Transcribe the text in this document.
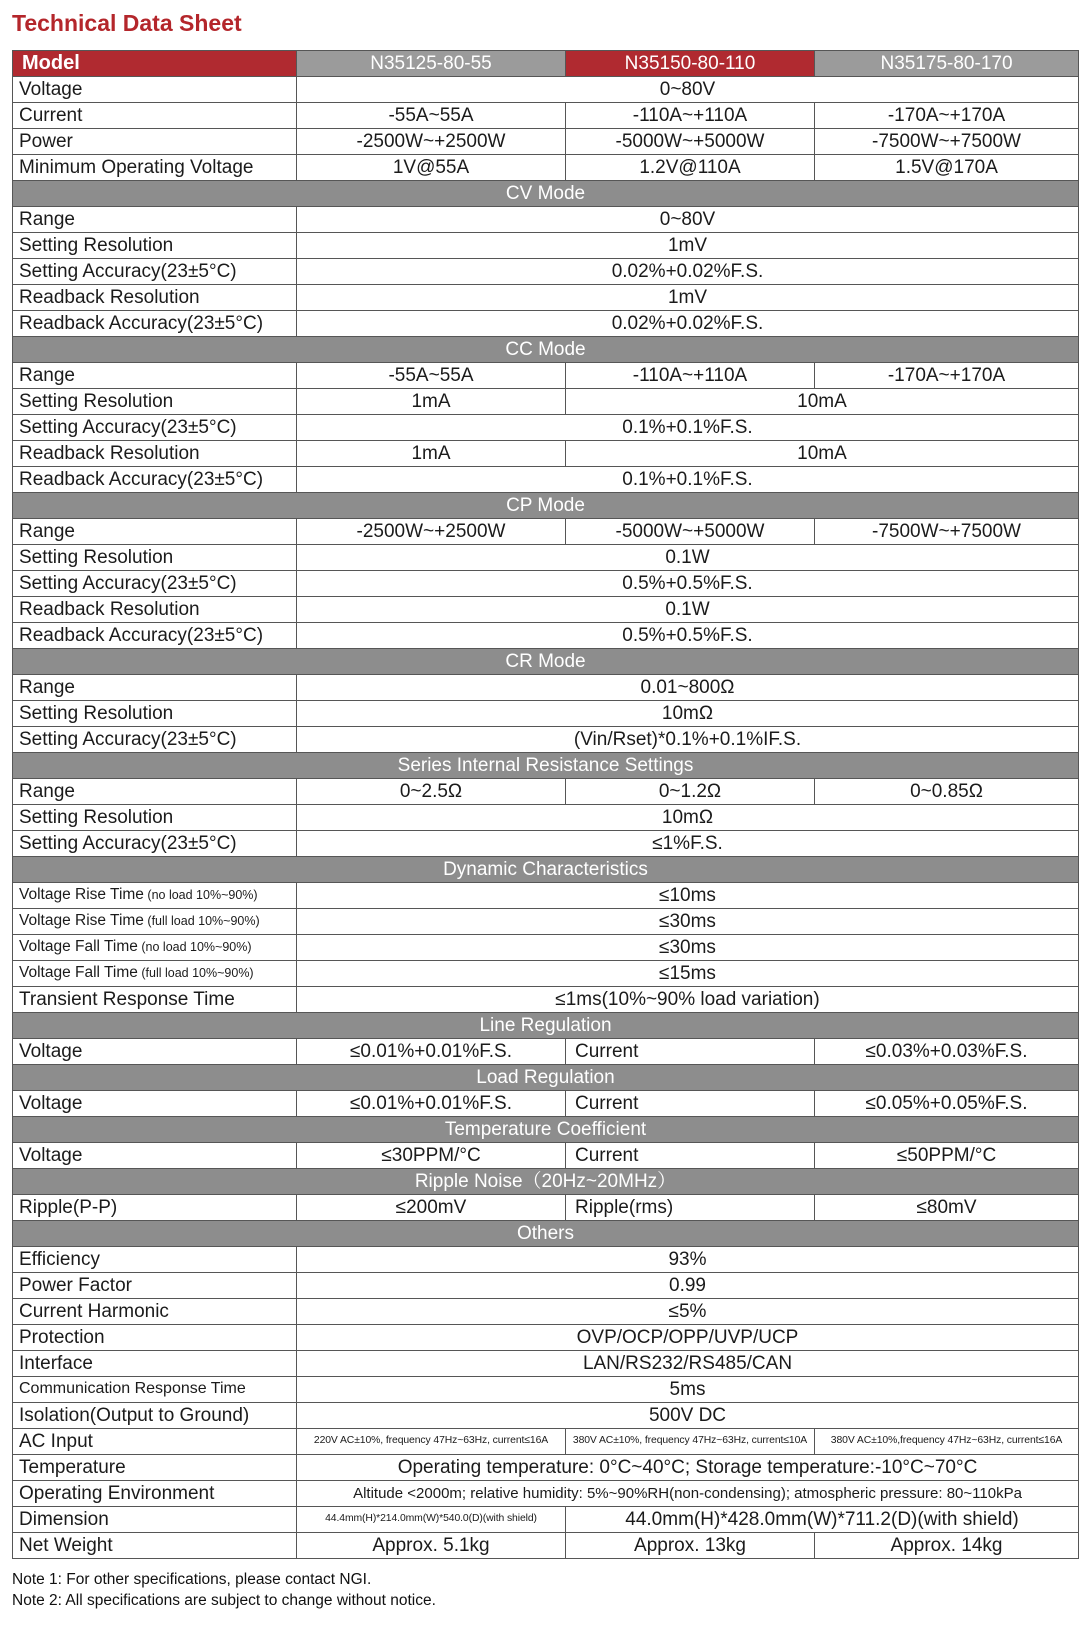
Technical Data Sheet
Model	N35125-80-55	N35150-80-110	N35175-80-170
Voltage	0~80V		
Current	-55A~55A	-110A~+110A	-170A~+170A
Power	-2500W~+2500W	-5000W~+5000W	-7500W~+7500W
Minimum Operating Voltage	1V@55A	1.2V@110A	1.5V@170A
CV Mode			
Range	0~80V		
Setting Resolution	1mV		
Setting Accuracy(23±5°C)	0.02%+0.02%F.S.		
Readback Resolution	1mV		
Readback Accuracy(23±5°C)	0.02%+0.02%F.S.		
CC Mode			
Range	-55A~55A	-110A~+110A	-170A~+170A
Setting Resolution	1mA	10mA	
Setting Accuracy(23±5°C)	0.1%+0.1%F.S.		
Readback Resolution	1mA	10mA	
Readback Accuracy(23±5°C)	0.1%+0.1%F.S.		
CP Mode			
Range	-2500W~+2500W	-5000W~+5000W	-7500W~+7500W
Setting Resolution	0.1W		
Setting Accuracy(23±5°C)	0.5%+0.5%F.S.		
Readback Resolution	0.1W		
Readback Accuracy(23±5°C)	0.5%+0.5%F.S.		
CR Mode			
Range	0.01~800Ω		
Setting Resolution	10mΩ		
Setting Accuracy(23±5°C)	(Vin/Rset)*0.1%+0.1%IF.S.		
Series Internal Resistance Settings			
Range	0~2.5Ω	0~1.2Ω	0~0.85Ω
Setting Resolution	10mΩ		
Setting Accuracy(23±5°C)	≤1%F.S.		
Dynamic Characteristics			
Voltage Rise Time (no load 10%~90%)	≤10ms		
Voltage Rise Time (full load 10%~90%)	≤30ms		
Voltage Fall Time (no load 10%~90%)	≤30ms		
Voltage Fall Time (full load 10%~90%)	≤15ms		
Transient Response Time	≤1ms(10%~90% load variation)		
Line Regulation			
Voltage	≤0.01%+0.01%F.S.	Current	≤0.03%+0.03%F.S.
Load Regulation			
Voltage	≤0.01%+0.01%F.S.	Current	≤0.05%+0.05%F.S.
Temperature Coefficient			
Voltage	≤30PPM/°C	Current	≤50PPM/°C
Ripple Noise（20Hz~20MHz）			
Ripple(P-P)	≤200mV	Ripple(rms)	≤80mV
Others			
Efficiency	93%		
Power Factor	0.99		
Current Harmonic	≤5%		
Protection	OVP/OCP/OPP/UVP/UCP		
Interface	LAN/RS232/RS485/CAN		
Communication Response Time	5ms		
Isolation(Output to Ground)	500V DC		
AC Input	220V AC±10%, frequency 47Hz~63Hz, current≤16A	380V AC±10%, frequency 47Hz~63Hz, current≤10A	380V AC±10%,frequency 47Hz~63Hz, current≤16A
Temperature	Operating temperature: 0°C~40°C; Storage temperature:-10°C~70°C		
Operating Environment	Altitude <2000m; relative humidity: 5%~90%RH(non-condensing); atmospheric pressure: 80~110kPa		
Dimension	44.4mm(H)*214.0mm(W)*540.0(D)(with shield)	44.0mm(H)*428.0mm(W)*711.2(D)(with shield)	
Net Weight	Approx. 5.1kg	Approx. 13kg	Approx. 14kg
Note 1: For other specifications, please contact NGI.
Note 2: All specifications are subject to change without notice.
